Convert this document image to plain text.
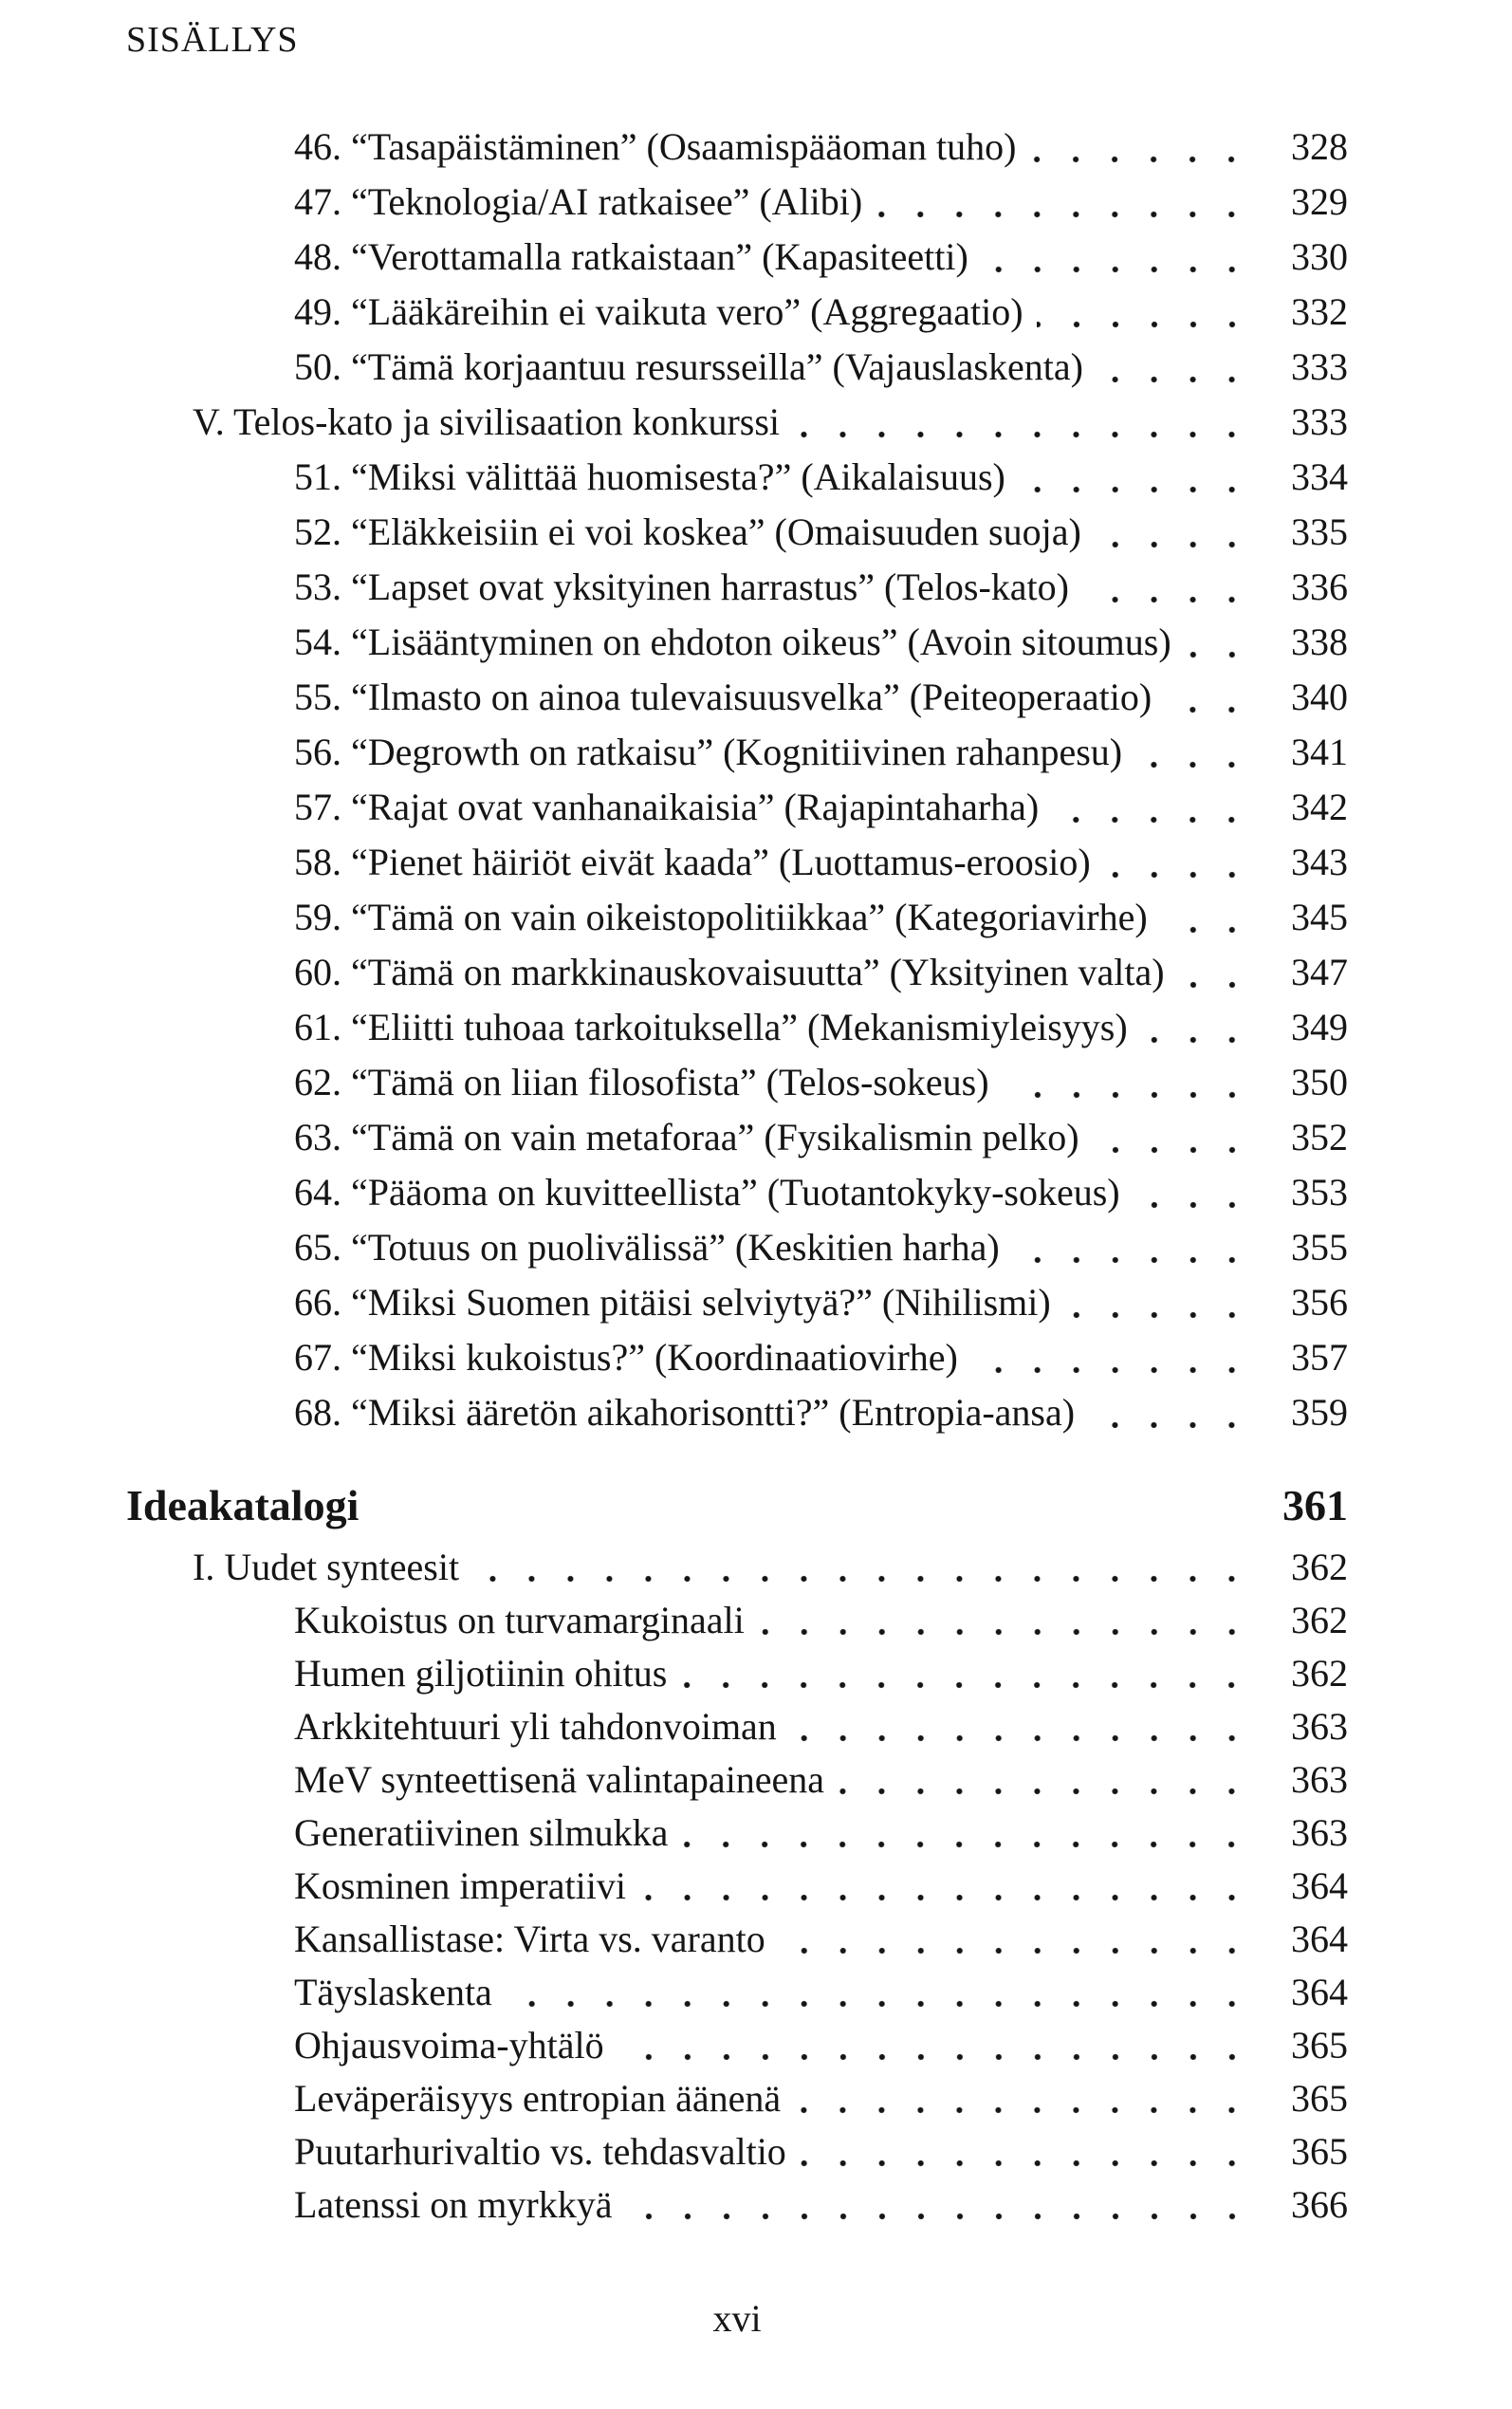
SISÄLLYS
46. “Tasapäistäminen” (Osaamispääoman tuho)	328
47. “Teknologia/AI ratkaisee” (Alibi)	329
48. “Verottamalla ratkaistaan” (Kapasiteetti)	330
49. “Lääkäreihin ei vaikuta vero” (Aggregaatio)	332
50. “Tämä korjaantuu resursseilla” (Vajauslaskenta)	333
V. Telos-kato ja sivilisaation konkurssi	333
51. “Miksi välittää huomisesta?” (Aikalaisuus)	334
52. “Eläkkeisiin ei voi koskea” (Omaisuuden suoja)	335
53. “Lapset ovat yksityinen harrastus” (Telos-kato)	336
54. “Lisääntyminen on ehdoton oikeus” (Avoin sitoumus)	338
55. “Ilmasto on ainoa tulevaisuusvelka” (Peiteoperaatio)	340
56. “Degrowth on ratkaisu” (Kognitiivinen rahanpesu)	341
57. “Rajat ovat vanhanaikaisia” (Rajapintaharha)	342
58. “Pienet häiriöt eivät kaada” (Luottamus-eroosio)	343
59. “Tämä on vain oikeistopolitiikkaa” (Kategoriavirhe)	345
60. “Tämä on markkinauskovaisuutta” (Yksityinen valta)	347
61. “Eliitti tuhoaa tarkoituksella” (Mekanismiyleisyys)	349
62. “Tämä on liian filosofista” (Telos-sokeus)	350
63. “Tämä on vain metaforaa” (Fysikalismin pelko)	352
64. “Pääoma on kuvitteellista” (Tuotantokyky-sokeus)	353
65. “Totuus on puolivälissä” (Keskitien harha)	355
66. “Miksi Suomen pitäisi selviytyä?” (Nihilismi)	356
67. “Miksi kukoistus?” (Koordinaatiovirhe)	357
68. “Miksi ääretön aikahorisontti?” (Entropia-ansa)	359
Ideakatalogi	361
I. Uudet synteesit	362
Kukoistus on turvamarginaali	362
Humen giljotiinin ohitus	362
Arkkitehtuuri yli tahdonvoiman	363
MeV synteettisenä valintapaineena	363
Generatiivinen silmukka	363
Kosminen imperatiivi	364
Kansallistase: Virta vs. varanto	364
Täyslaskenta	364
Ohjausvoima-yhtälö	365
Leväperäisyys entropian äänenä	365
Puutarhurivaltio vs. tehdasvaltio	365
Latenssi on myrkkyä	366
xvi
